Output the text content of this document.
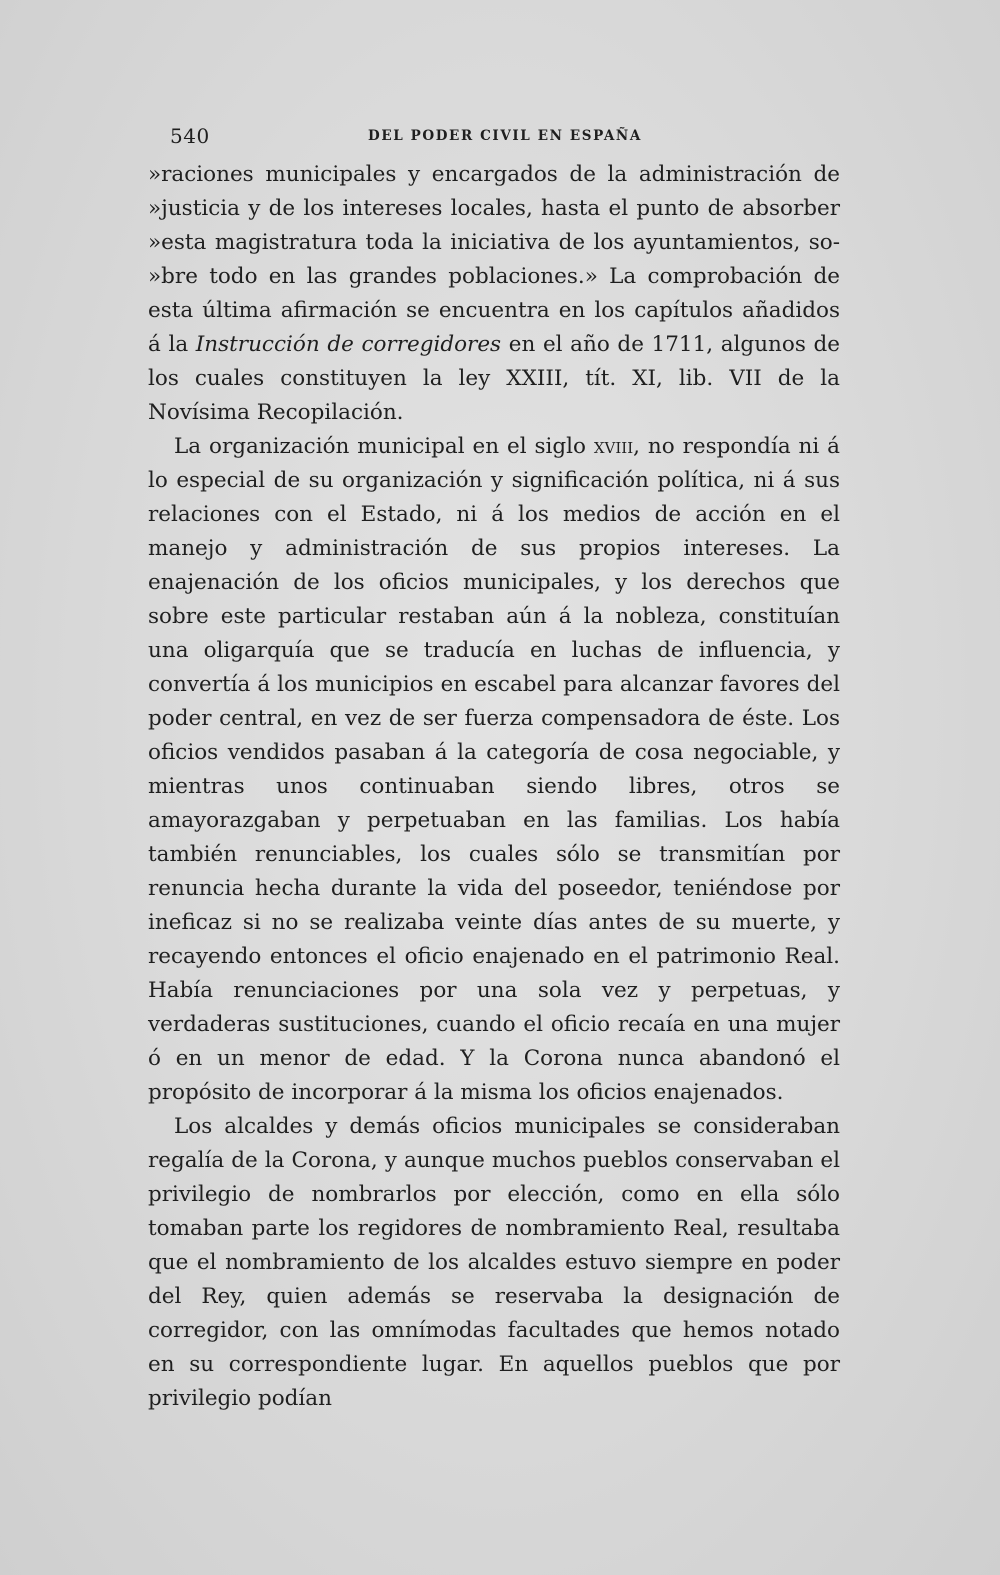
540	DEL PODER CIVIL EN ESPAÑA

»raciones municipales y encargados de la administración de »justicia y de los intereses locales, hasta el punto de absorber »esta magistratura toda la iniciativa de los ayuntamientos, so- »bre todo en las grandes poblaciones.» La comprobación de esta última afirmación se encuentra en los capítulos añadidos á la Instrucción de corregidores en el año de 1711, algunos de los cuales constituyen la ley XXIII, tít. XI, lib. VII de la Novísima Recopilación.

La organización municipal en el siglo xviii, no respondía ni á lo especial de su organización y significación política, ni á sus relaciones con el Estado, ni á los medios de acción en el manejo y administración de sus propios intereses. La enajenación de los oficios municipales, y los derechos que sobre este particular restaban aún á la nobleza, constituían una oligarquía que se traducía en luchas de influencia, y convertía á los municipios en escabel para alcanzar favores del poder central, en vez de ser fuerza compensadora de éste. Los oficios vendidos pasaban á la categoría de cosa negociable, y mientras unos continuaban siendo libres, otros se amayorazgaban y perpetuaban en las familias. Los había también renunciables, los cuales sólo se transmitían por renuncia hecha durante la vida del poseedor, teniéndose por ineficaz si no se realizaba veinte días antes de su muerte, y recayendo entonces el oficio enajenado en el patrimonio Real. Había renunciaciones por una sola vez y perpetuas, y verdaderas sustituciones, cuando el oficio recaía en una mujer ó en un menor de edad. Y la Corona nunca abandonó el propósito de incorporar á la misma los oficios enajenados.

Los alcaldes y demás oficios municipales se consideraban regalía de la Corona, y aunque muchos pueblos conservaban el privilegio de nombrarlos por elección, como en ella sólo tomaban parte los regidores de nombramiento Real, resultaba que el nombramiento de los alcaldes estuvo siempre en poder del Rey, quien además se reservaba la designación de corregidor, con las omnímodas facultades que hemos notado en su correspondiente lugar. En aquellos pueblos que por privilegio podían
